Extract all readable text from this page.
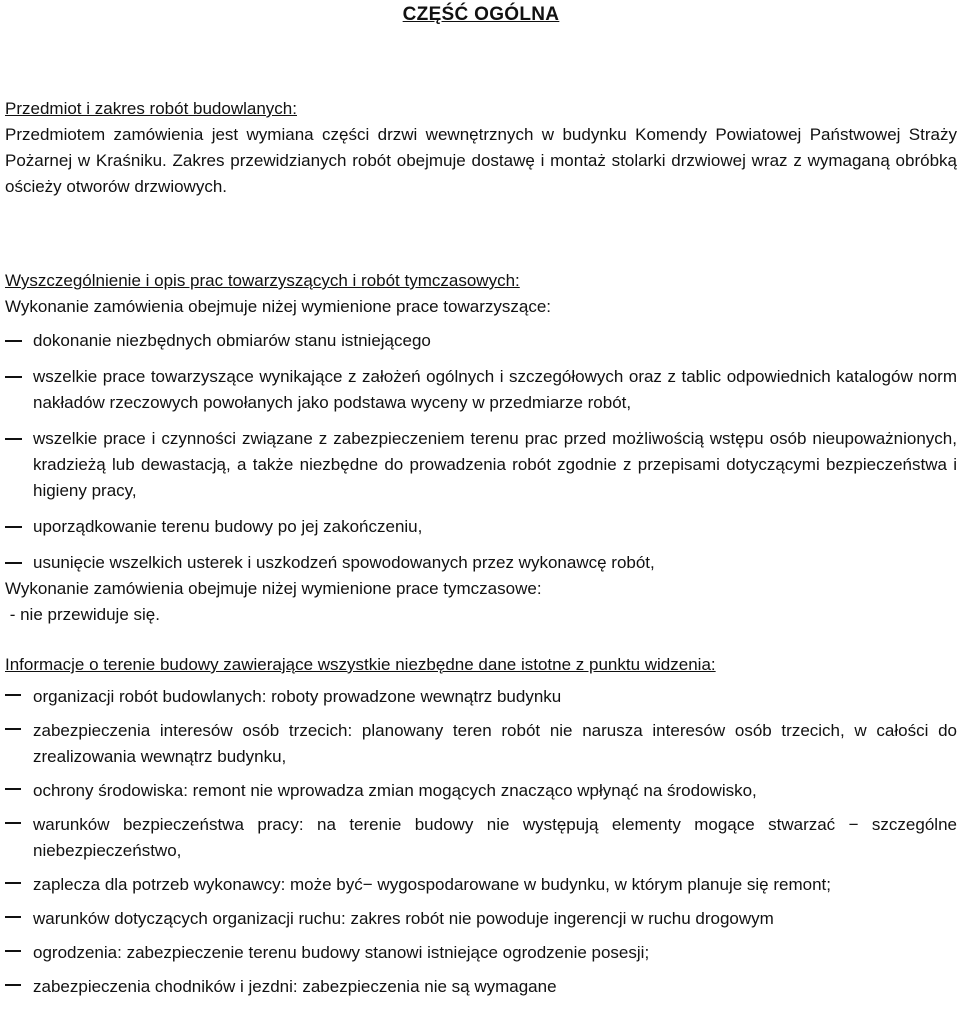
CZĘŚĆ OGÓLNA
Przedmiot i zakres robót budowlanych:
Przedmiotem zamówienia jest wymiana części drzwi wewnętrznych w budynku Komendy Powiatowej Państwowej Straży Pożarnej w Kraśniku. Zakres przewidzianych robót obejmuje dostawę i montaż stolarki drzwiowej wraz z wymaganą obróbką ościeży otworów drzwiowych.
Wyszczególnienie i opis prac towarzyszących i robót tymczasowych:
Wykonanie zamówienia obejmuje niżej wymienione prace towarzyszące:
dokonanie niezbędnych obmiarów stanu istniejącego
wszelkie prace towarzyszące wynikające z założeń ogólnych i szczegółowych oraz z tablic odpowiednich katalogów norm nakładów rzeczowych powołanych jako podstawa wyceny w przedmiarze robót,
wszelkie prace i czynności związane z zabezpieczeniem terenu prac przed możliwością wstępu osób nieupoważnionych, kradzieżą lub dewastacją, a także niezbędne do prowadzenia robót zgodnie z przepisami dotyczącymi bezpieczeństwa i higieny pracy,
uporządkowanie terenu budowy po jej zakończeniu,
usunięcie wszelkich usterek i uszkodzeń spowodowanych przez wykonawcę robót,
Wykonanie zamówienia obejmuje niżej wymienione prace tymczasowe:
- nie przewiduje się.
Informacje o terenie budowy zawierające wszystkie niezbędne dane istotne z punktu widzenia:
organizacji robót budowlanych: roboty prowadzone wewnątrz budynku
zabezpieczenia interesów osób trzecich: planowany teren robót nie narusza interesów osób trzecich, w całości do zrealizowania wewnątrz budynku,
ochrony środowiska: remont nie wprowadza zmian mogących znacząco wpłynąć na środowisko,
warunków bezpieczeństwa pracy: na terenie budowy nie występują elementy mogące stwarzać − szczególne niebezpieczeństwo,
zaplecza dla potrzeb wykonawcy: może być− wygospodarowane w budynku, w którym planuje się remont;
warunków dotyczących organizacji ruchu: zakres robót nie powoduje ingerencji w ruchu drogowym
ogrodzenia: zabezpieczenie terenu budowy stanowi istniejące ogrodzenie posesji;
zabezpieczenia chodników i jezdni: zabezpieczenia nie są wymagane
